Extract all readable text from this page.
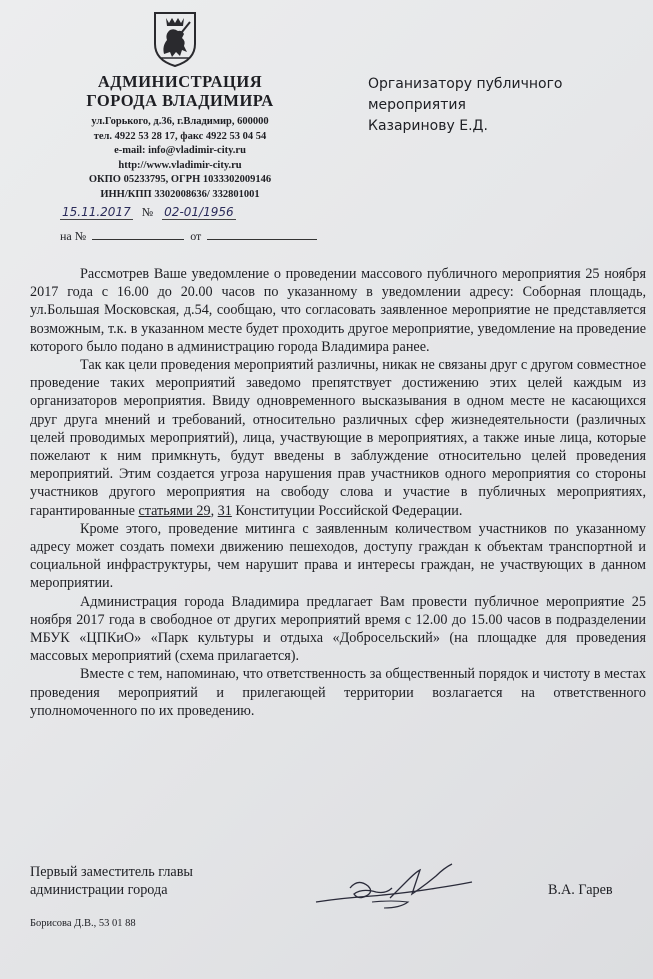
АДМИНИСТРАЦИЯ
ГОРОДА ВЛАДИМИРА
ул.Горького, д.36, г.Владимир, 600000
тел. 4922 53 28 17, факс 4922 53 04 54
e-mail: info@vladimir-city.ru
http://www.vladimir-city.ru
ОКПО 05233795, ОГРН 1033302009146
ИНН/КПП 3302008636/ 332801001
15.11.2017 № 02-01/1956
на №	от
Организатору публичного
мероприятия
Казаринову Е.Д.

Рассмотрев Ваше уведомление о проведении массового публичного мероприятия 25 ноября 2017 года с 16.00 до 20.00 часов по указанному в уведомлении адресу: Соборная площадь, ул.Большая Московская, д.54, сообщаю, что согласовать заявленное мероприятие не представляется возможным, т.к. в указанном месте будет проходить другое мероприятие, уведомление на проведение которого было подано в администрацию города Владимира ранее.

Так как цели проведения мероприятий различны, никак не связаны друг с другом совместное проведение таких мероприятий заведомо препятствует достижению этих целей каждым из организаторов мероприятия. Ввиду одновременного высказывания в одном месте не касающихся друг друга мнений и требований, относительно различных сфер жизнедеятельности (различных целей проводимых мероприятий), лица, участвующие в мероприятиях, а также иные лица, которые пожелают к ним примкнуть, будут введены в заблуждение относительно целей проведения мероприятий. Этим создается угроза нарушения прав участников одного мероприятия со стороны участников другого мероприятия на свободу слова и участие в публичных мероприятиях, гарантированные статьями 29, 31 Конституции Российской Федерации.

Кроме этого, проведение митинга с заявленным количеством участников по указанному адресу может создать помехи движению пешеходов, доступу граждан к объектам транспортной и социальной инфраструктуры, чем нарушит права и интересы граждан, не участвующих в данном мероприятии.

Администрация города Владимира предлагает Вам провести публичное мероприятие 25 ноября 2017 года в свободное от других мероприятий время с 12.00 до 15.00 часов в подразделении МБУК «ЦПКиО» «Парк культуры и отдыха «Добросельский» (на площадке для проведения массовых мероприятий (схема прилагается).

Вместе с тем, напоминаю, что ответственность за общественный порядок и чистоту в местах проведения мероприятий и прилегающей территории возлагается на ответственного уполномоченного по их проведению.

Первый заместитель главы
администрации города	В.А. Гарев
Борисова Д.В., 53 01 88
